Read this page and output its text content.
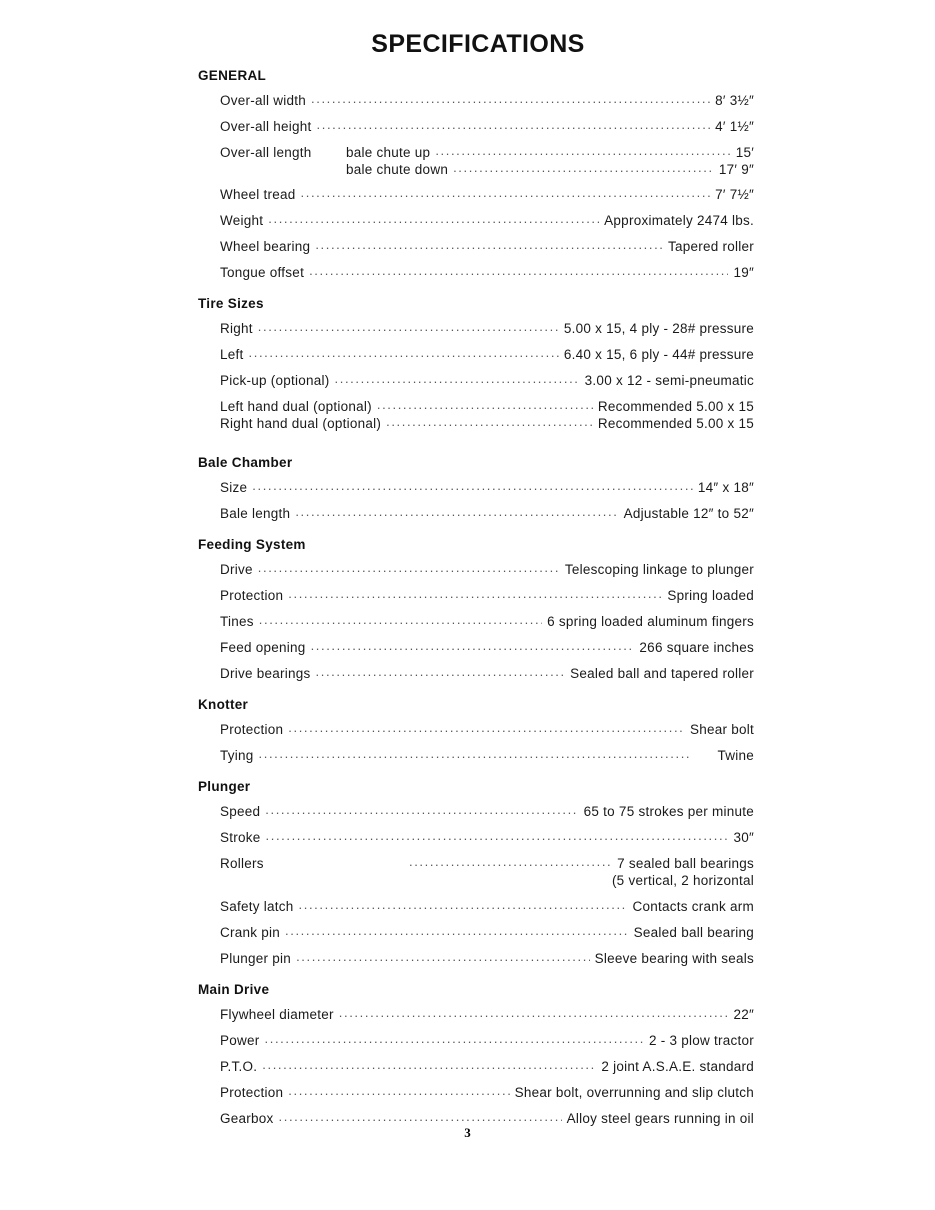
SPECIFICATIONS
GENERAL
Over-all width .....	8′ 3½″
Over-all height .....	4′ 1½″
Over-all length	bale chute up .....	15′
bale chute down .....	17′ 9″
Wheel tread .....	7′ 7½″
Weight .....	Approximately 2474 lbs.
Wheel bearing .....	Tapered roller
Tongue offset .....	19″
Tire Sizes
Right .....	5.00 x 15, 4 ply - 28# pressure
Left .....	6.40 x 15, 6 ply - 44# pressure
Pick-up (optional) .....	3.00 x 12 - semi-pneumatic
Left hand dual (optional) .....	Recommended 5.00 x 15
Right hand dual (optional) .....	Recommended 5.00 x 15
Bale Chamber
Size .....	14″ x 18″
Bale length .....	Adjustable 12″ to 52″
Feeding System
Drive .....	Telescoping linkage to plunger
Protection .....	Spring loaded
Tines .....	6 spring loaded aluminum fingers
Feed opening .....	266 square inches
Drive bearings .....	Sealed ball and tapered roller
Knotter
Protection .....	Shear bolt
Tying .....	Twine
Plunger
Speed .....	65 to 75 strokes per minute
Stroke .....	30″
Rollers .....	7 sealed ball bearings
(5 vertical, 2 horizontal
Safety latch .....	Contacts crank arm
Crank pin .....	Sealed ball bearing
Plunger pin .....	Sleeve bearing with seals
Main Drive
Flywheel diameter .....	22″
Power .....	2 - 3 plow tractor
P.T.O. .....	2 joint A.S.A.E. standard
Protection .....	Shear bolt, overrunning and slip clutch
Gearbox .....	Alloy steel gears running in oil
3
